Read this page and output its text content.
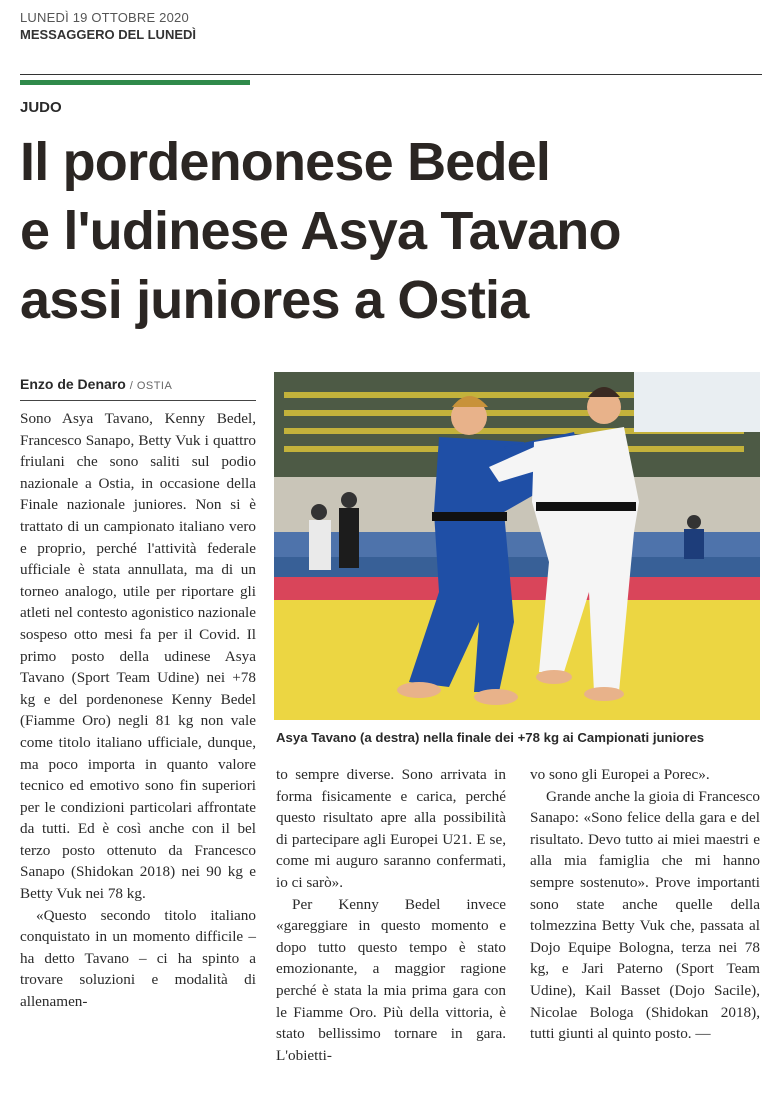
LUNEDÌ 19 OTTOBRE 2020
MESSAGGERO DEL LUNEDÌ
JUDO
Il pordenonese Bedel
e l'udinese Asya Tavano
assi juniores a Ostia
Enzo de Denaro / OSTIA

Sono Asya Tavano, Kenny Bedel, Francesco Sanapo, Betty Vuk i quattro friulani che sono saliti sul podio nazionale a Ostia, in occasione della Finale nazionale juniores. Non si è trattato di un campionato italiano vero e proprio, perché l'attività federale ufficiale è stata annullata, ma di un torneo analogo, utile per riportare gli atleti nel contesto agonistico nazionale sospeso otto mesi fa per il Covid. Il primo posto della udinese Asya Tavano (Sport Team Udine) nei +78 kg e del pordenonese Kenny Bedel (Fiamme Oro) negli 81 kg non vale come titolo italiano ufficiale, dunque, ma poco importa in quanto valore tecnico ed emotivo sono fin superiori per le condizioni particolari affrontate da tutti. Ed è così anche con il bel terzo posto ottenuto da Francesco Sanapo (Shidokan 2018) nei 90 kg e Betty Vuk nei 78 kg.

«Questo secondo titolo italiano conquistato in un momento difficile – ha detto Tavano – ci ha spinto a trovare soluzioni e modalità di allenamen-

Asya Tavano (a destra) nella finale dei +78 kg ai Campionati juniores

to sempre diverse. Sono arrivata in forma fisicamente e carica, perché questo risultato apre alla possibilità di partecipare agli Europei U21. E se, come mi auguro saranno confermati, io ci sarò».

Per Kenny Bedel invece «gareggiare in questo momento e dopo tutto questo tempo è stato emozionante, a maggior ragione perché è stata la mia prima gara con le Fiamme Oro. Più della vittoria, è stato bellissimo tornare in gara. L'obietti-

vo sono gli Europei a Porec».

Grande anche la gioia di Francesco Sanapo: «Sono felice della gara e del risultato. Devo tutto ai miei maestri e alla mia famiglia che mi hanno sempre sostenuto». Prove importanti sono state anche quelle della tolmezzina Betty Vuk che, passata al Dojo Equipe Bologna, terza nei 78 kg, e Jari Paterno (Sport Team Udine), Kail Basset (Dojo Sacile), Nicolae Bologa (Shidokan 2018), tutti giunti al quinto posto. —
